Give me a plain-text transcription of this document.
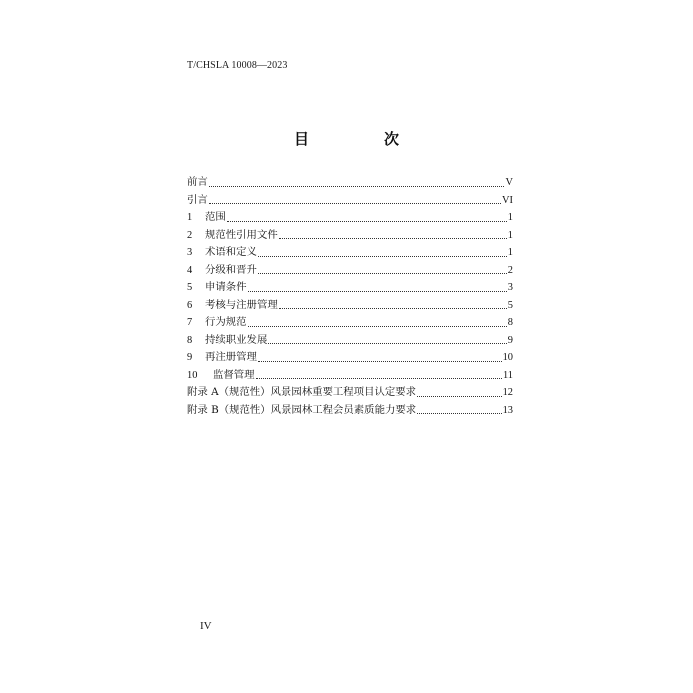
T/CHSLA 10008—2023
目　次
前言	V
引言	VI
1	范围	1
2	规范性引用文件	1
3	术语和定义	1
4	分级和晋升	2
5	申请条件	3
6	考核与注册管理	5
7	行为规范	8
8	持续职业发展	9
9	再注册管理	10
10	监督管理	11
附录 A（规范性）风景园林重要工程项目认定要求	12
附录 B（规范性）风景园林工程会员素质能力要求	13
IV
